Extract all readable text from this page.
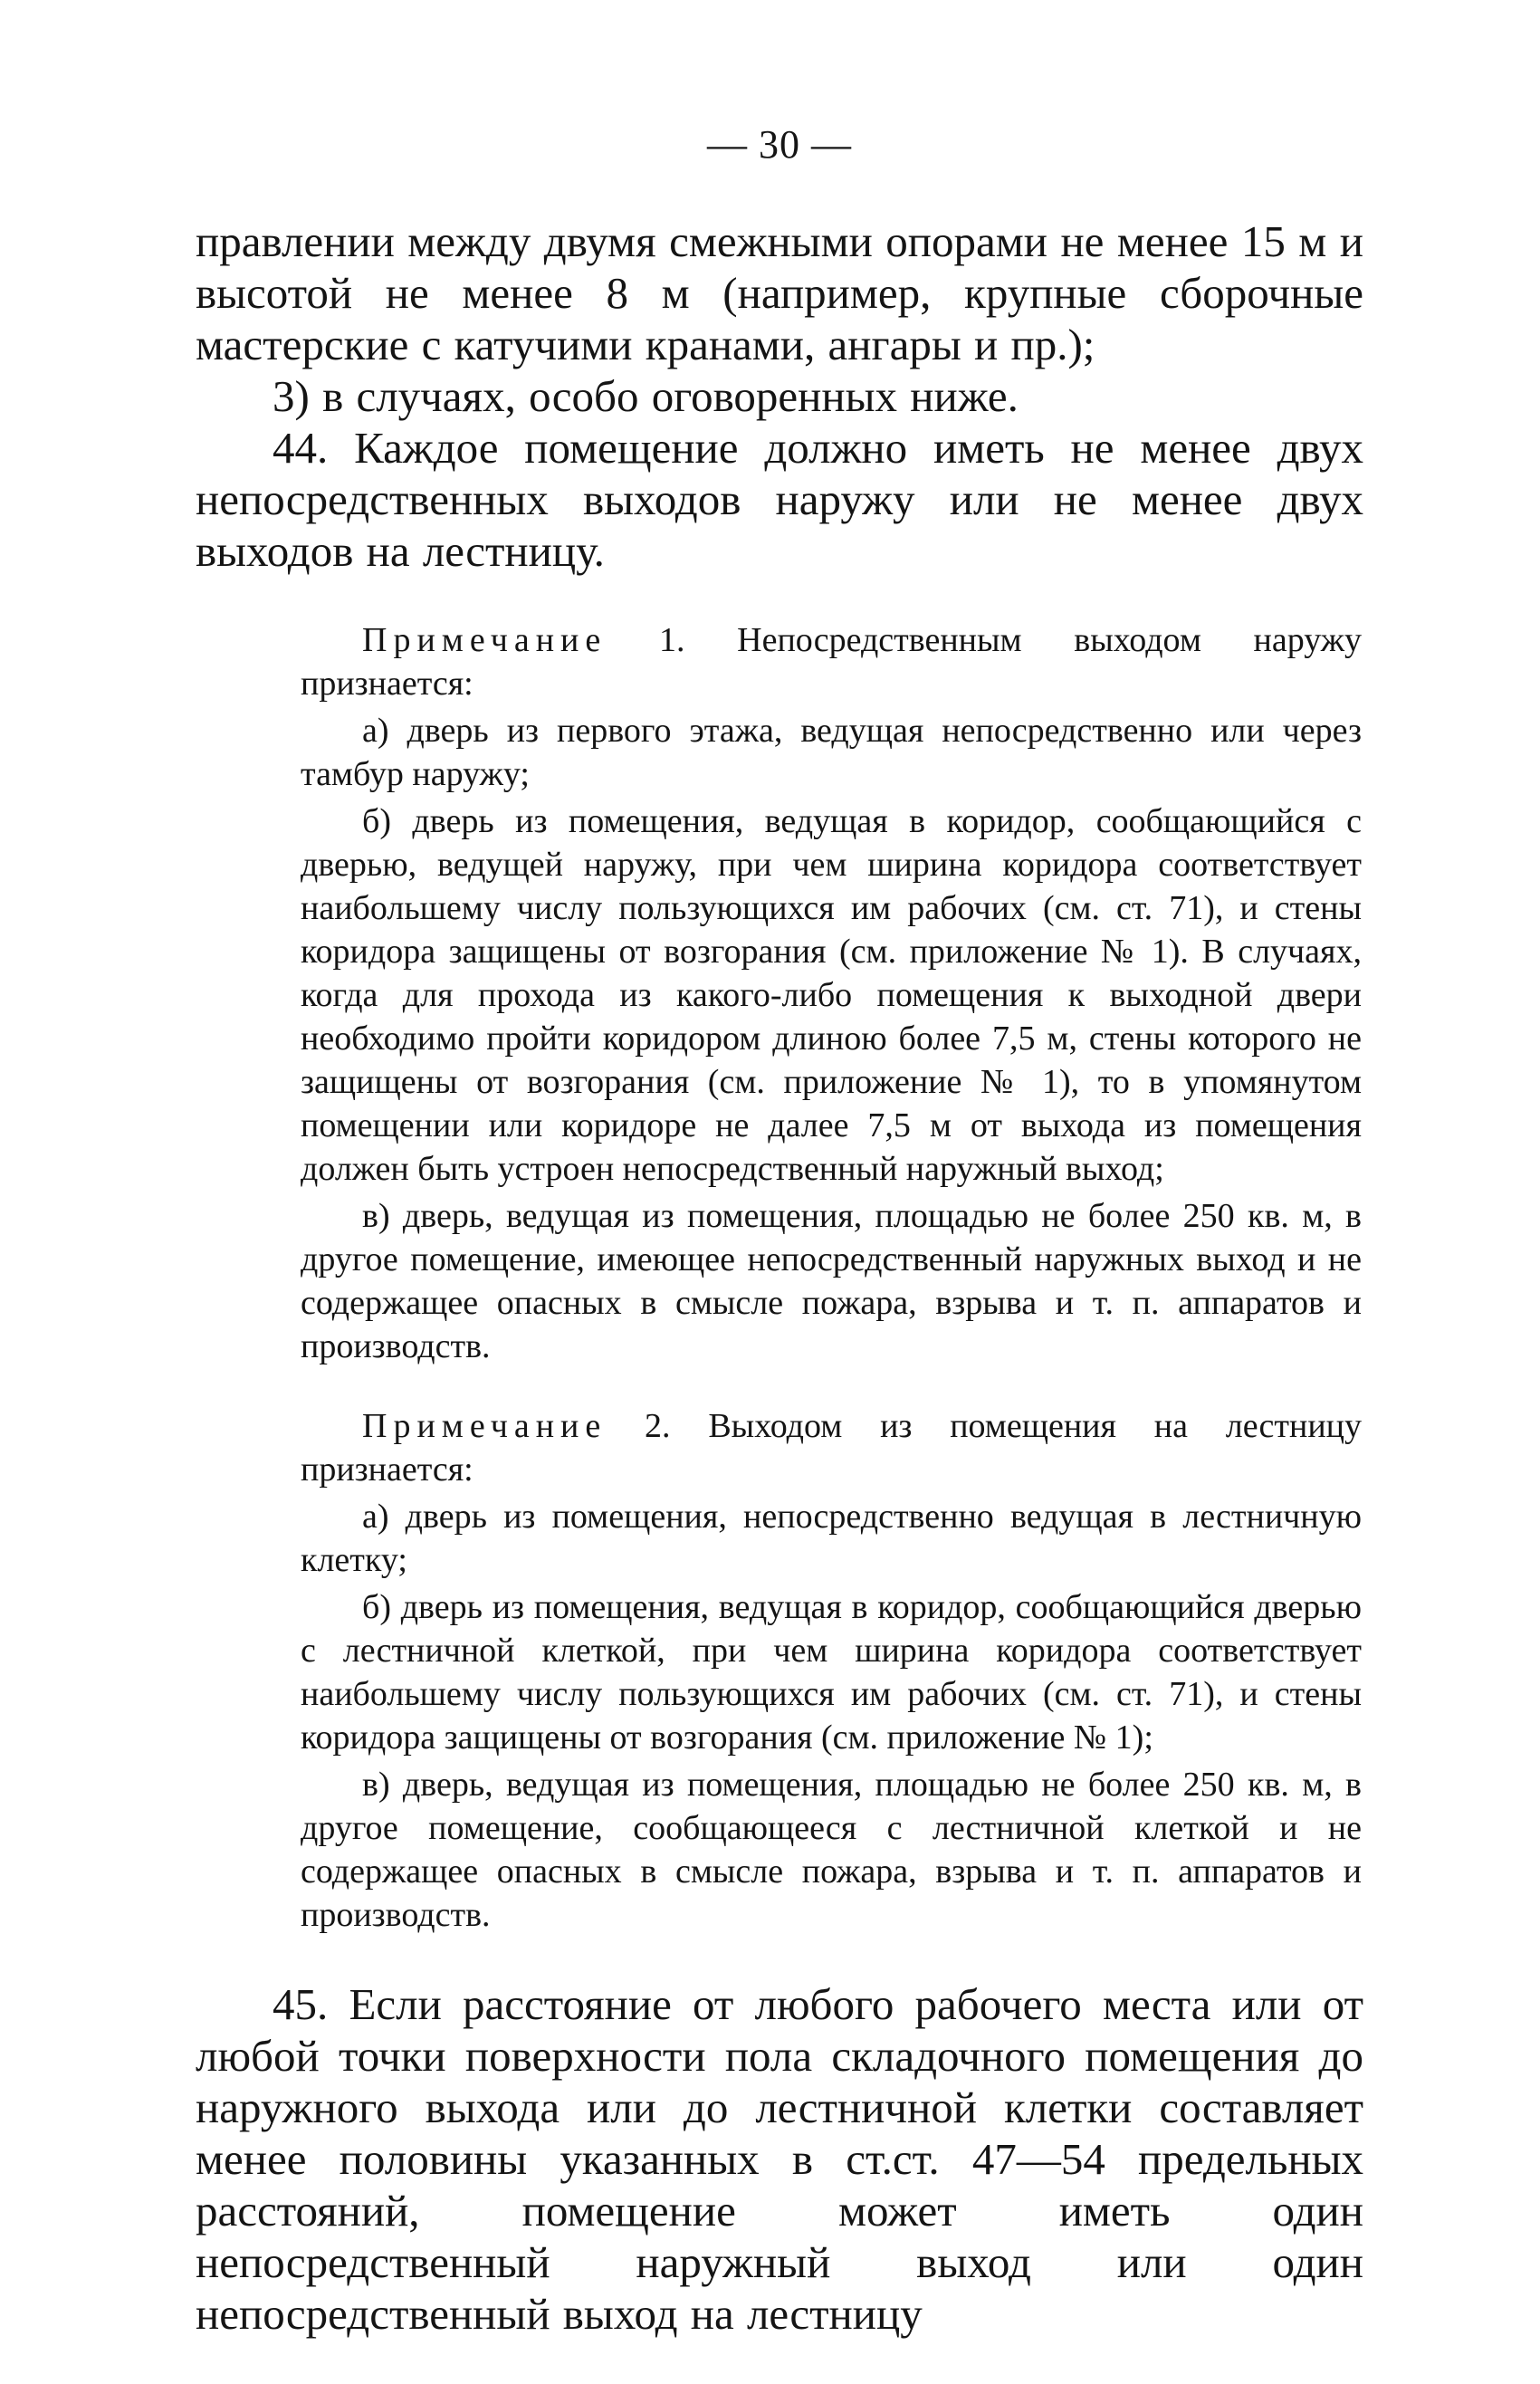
— 30 —

правлении между двумя смежными опорами не менее 15 м и высотой не менее 8 м (например, крупные сборочные мастерские с катучими кранами, ангары и пр.);

3) в случаях, особо оговоренных ниже.

44. Каждое помещение должно иметь не менее двух непосредственных выходов наружу или не менее двух выходов на лестницу.

Примечание 1. Непосредственным выходом наружу признается:

а) дверь из первого этажа, ведущая непосредственно или через тамбур наружу;

б) дверь из помещения, ведущая в коридор, сообщающийся с дверью, ведущей наружу, при чем ширина коридора соответствует наибольшему числу пользующихся им рабочих (см. ст. 71), и стены коридора защищены от возгорания (см. приложение № 1). В случаях, когда для прохода из какого-либо помещения к выходной двери необходимо пройти коридором длиною более 7,5 м, стены которого не защищены от возгорания (см. приложение № 1), то в упомянутом помещении или коридоре не далее 7,5 м от выхода из помещения должен быть устроен непосредственный наружный выход;

в) дверь, ведущая из помещения, площадью не более 250 кв. м, в другое помещение, имеющее непосредственный наружных выход и не содержащее опасных в смысле пожара, взрыва и т. п. аппаратов и производств.

Примечание 2. Выходом из помещения на лестницу признается:

а) дверь из помещения, непосредственно ведущая в лестничную клетку;

б) дверь из помещения, ведущая в коридор, сообщающийся дверью с лестничной клеткой, при чем ширина коридора соответствует наибольшему числу пользующихся им рабочих (см. ст. 71), и стены коридора защищены от возгорания (см. приложение № 1);

в) дверь, ведущая из помещения, площадью не более 250 кв. м, в другое помещение, сообщающееся с лестничной клеткой и не содержащее опасных в смысле пожара, взрыва и т. п. аппаратов и производств.

45. Если расстояние от любого рабочего места или от любой точки поверхности пола складочного помещения до наружного выхода или до лестничной клетки составляет менее половины указанных в ст.ст. 47—54 предельных расстояний, помещение может иметь один непосредственный наружный выход или один непосредственный выход на лестницу
